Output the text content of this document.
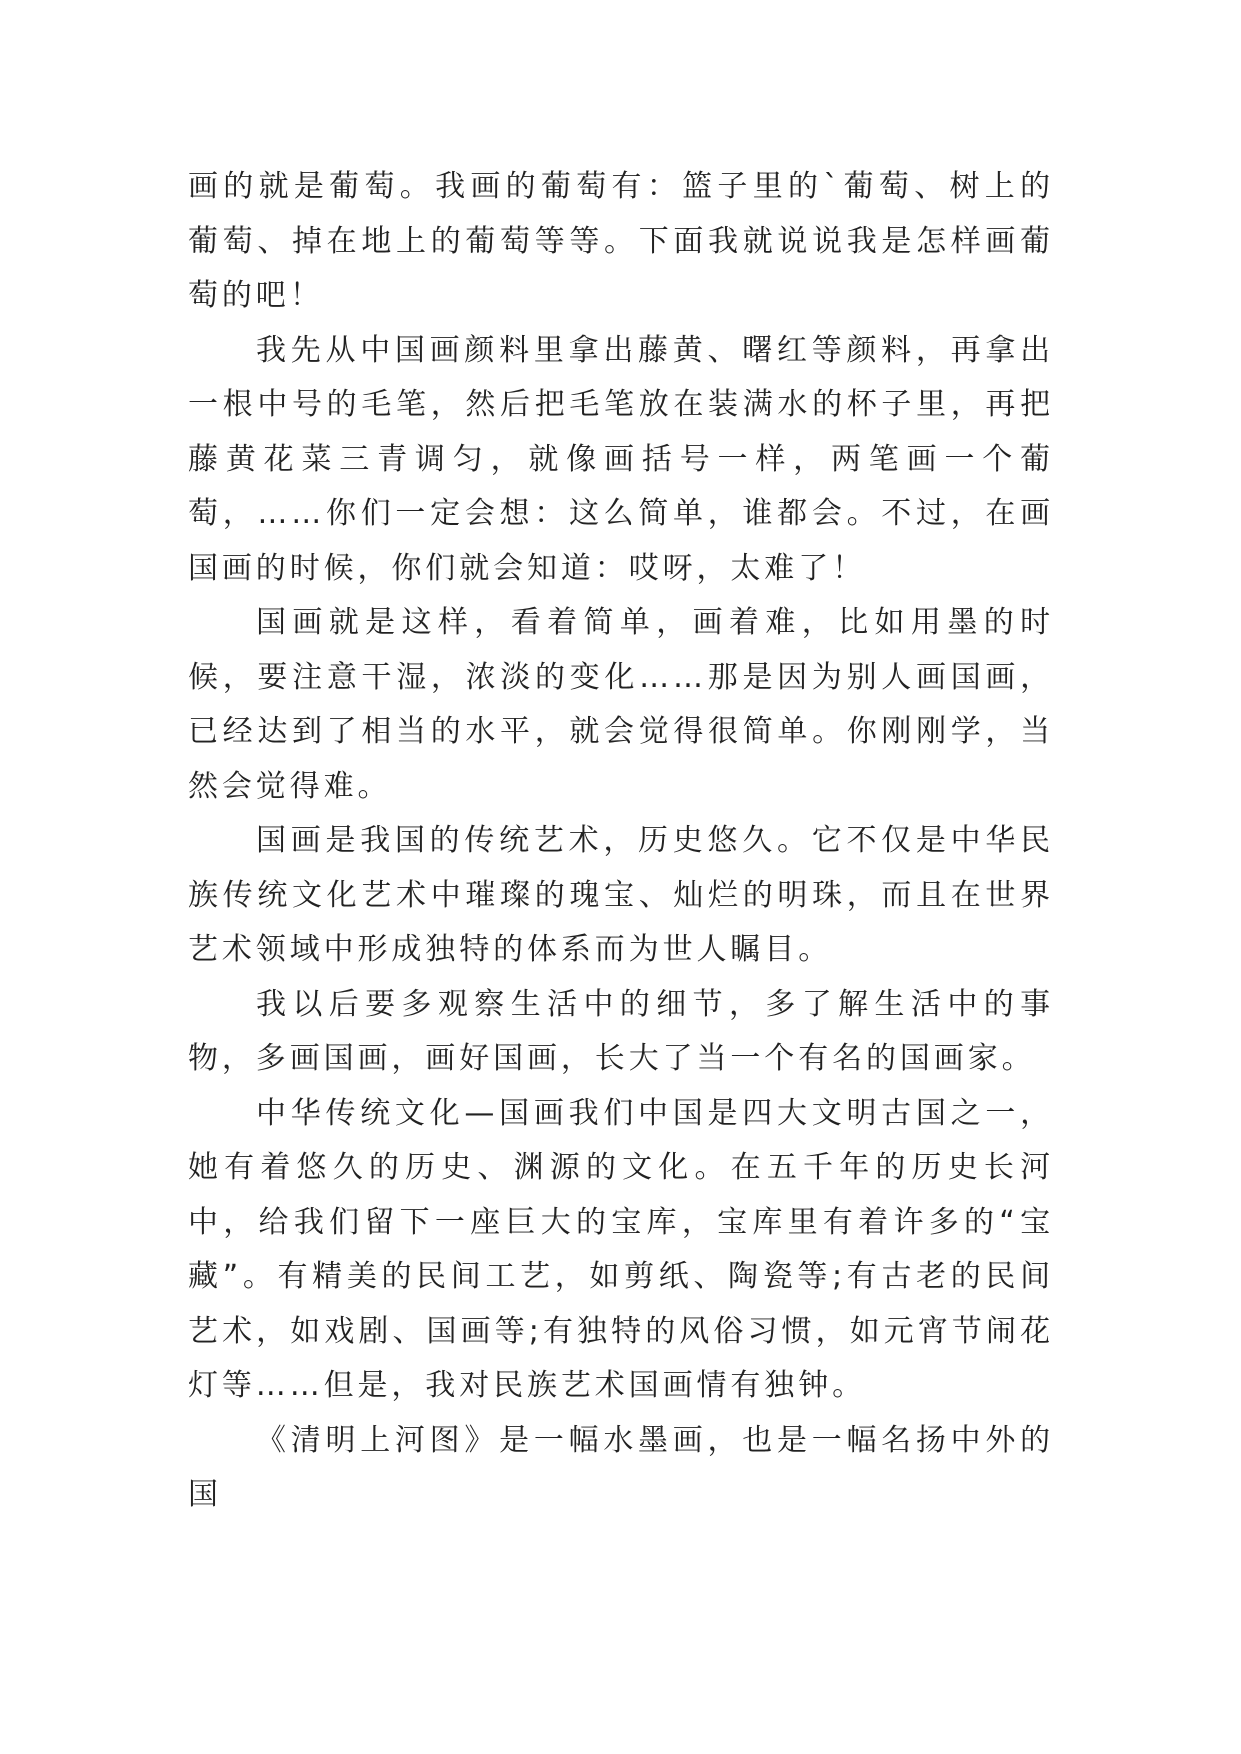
画的就是葡萄。我画的葡萄有：篮子里的`葡萄、树上的葡萄、掉在地上的葡萄等等。下面我就说说我是怎样画葡萄的吧！

我先从中国画颜料里拿出藤黄、曙红等颜料，再拿出一根中号的毛笔，然后把毛笔放在装满水的杯子里，再把藤黄花菜三青调匀，就像画括号一样，两笔画一个葡萄，……你们一定会想：这么简单，谁都会。不过，在画国画的时候，你们就会知道：哎呀，太难了！

国画就是这样，看着简单，画着难，比如用墨的时候，要注意干湿，浓淡的变化……那是因为别人画国画，已经达到了相当的水平，就会觉得很简单。你刚刚学，当然会觉得难。

国画是我国的传统艺术，历史悠久。它不仅是中华民族传统文化艺术中璀璨的瑰宝、灿烂的明珠，而且在世界艺术领域中形成独特的体系而为世人瞩目。

我以后要多观察生活中的细节，多了解生活中的事物，多画国画，画好国画，长大了当一个有名的国画家。

中华传统文化—国画我们中国是四大文明古国之一，她有着悠久的历史、渊源的文化。在五千年的历史长河中，给我们留下一座巨大的宝库，宝库里有着许多的“宝藏”。有精美的民间工艺，如剪纸、陶瓷等;有古老的民间艺术，如戏剧、国画等;有独特的风俗习惯，如元宵节闹花灯等……但是，我对民族艺术国画情有独钟。

《清明上河图》是一幅水墨画，也是一幅名扬中外的国
